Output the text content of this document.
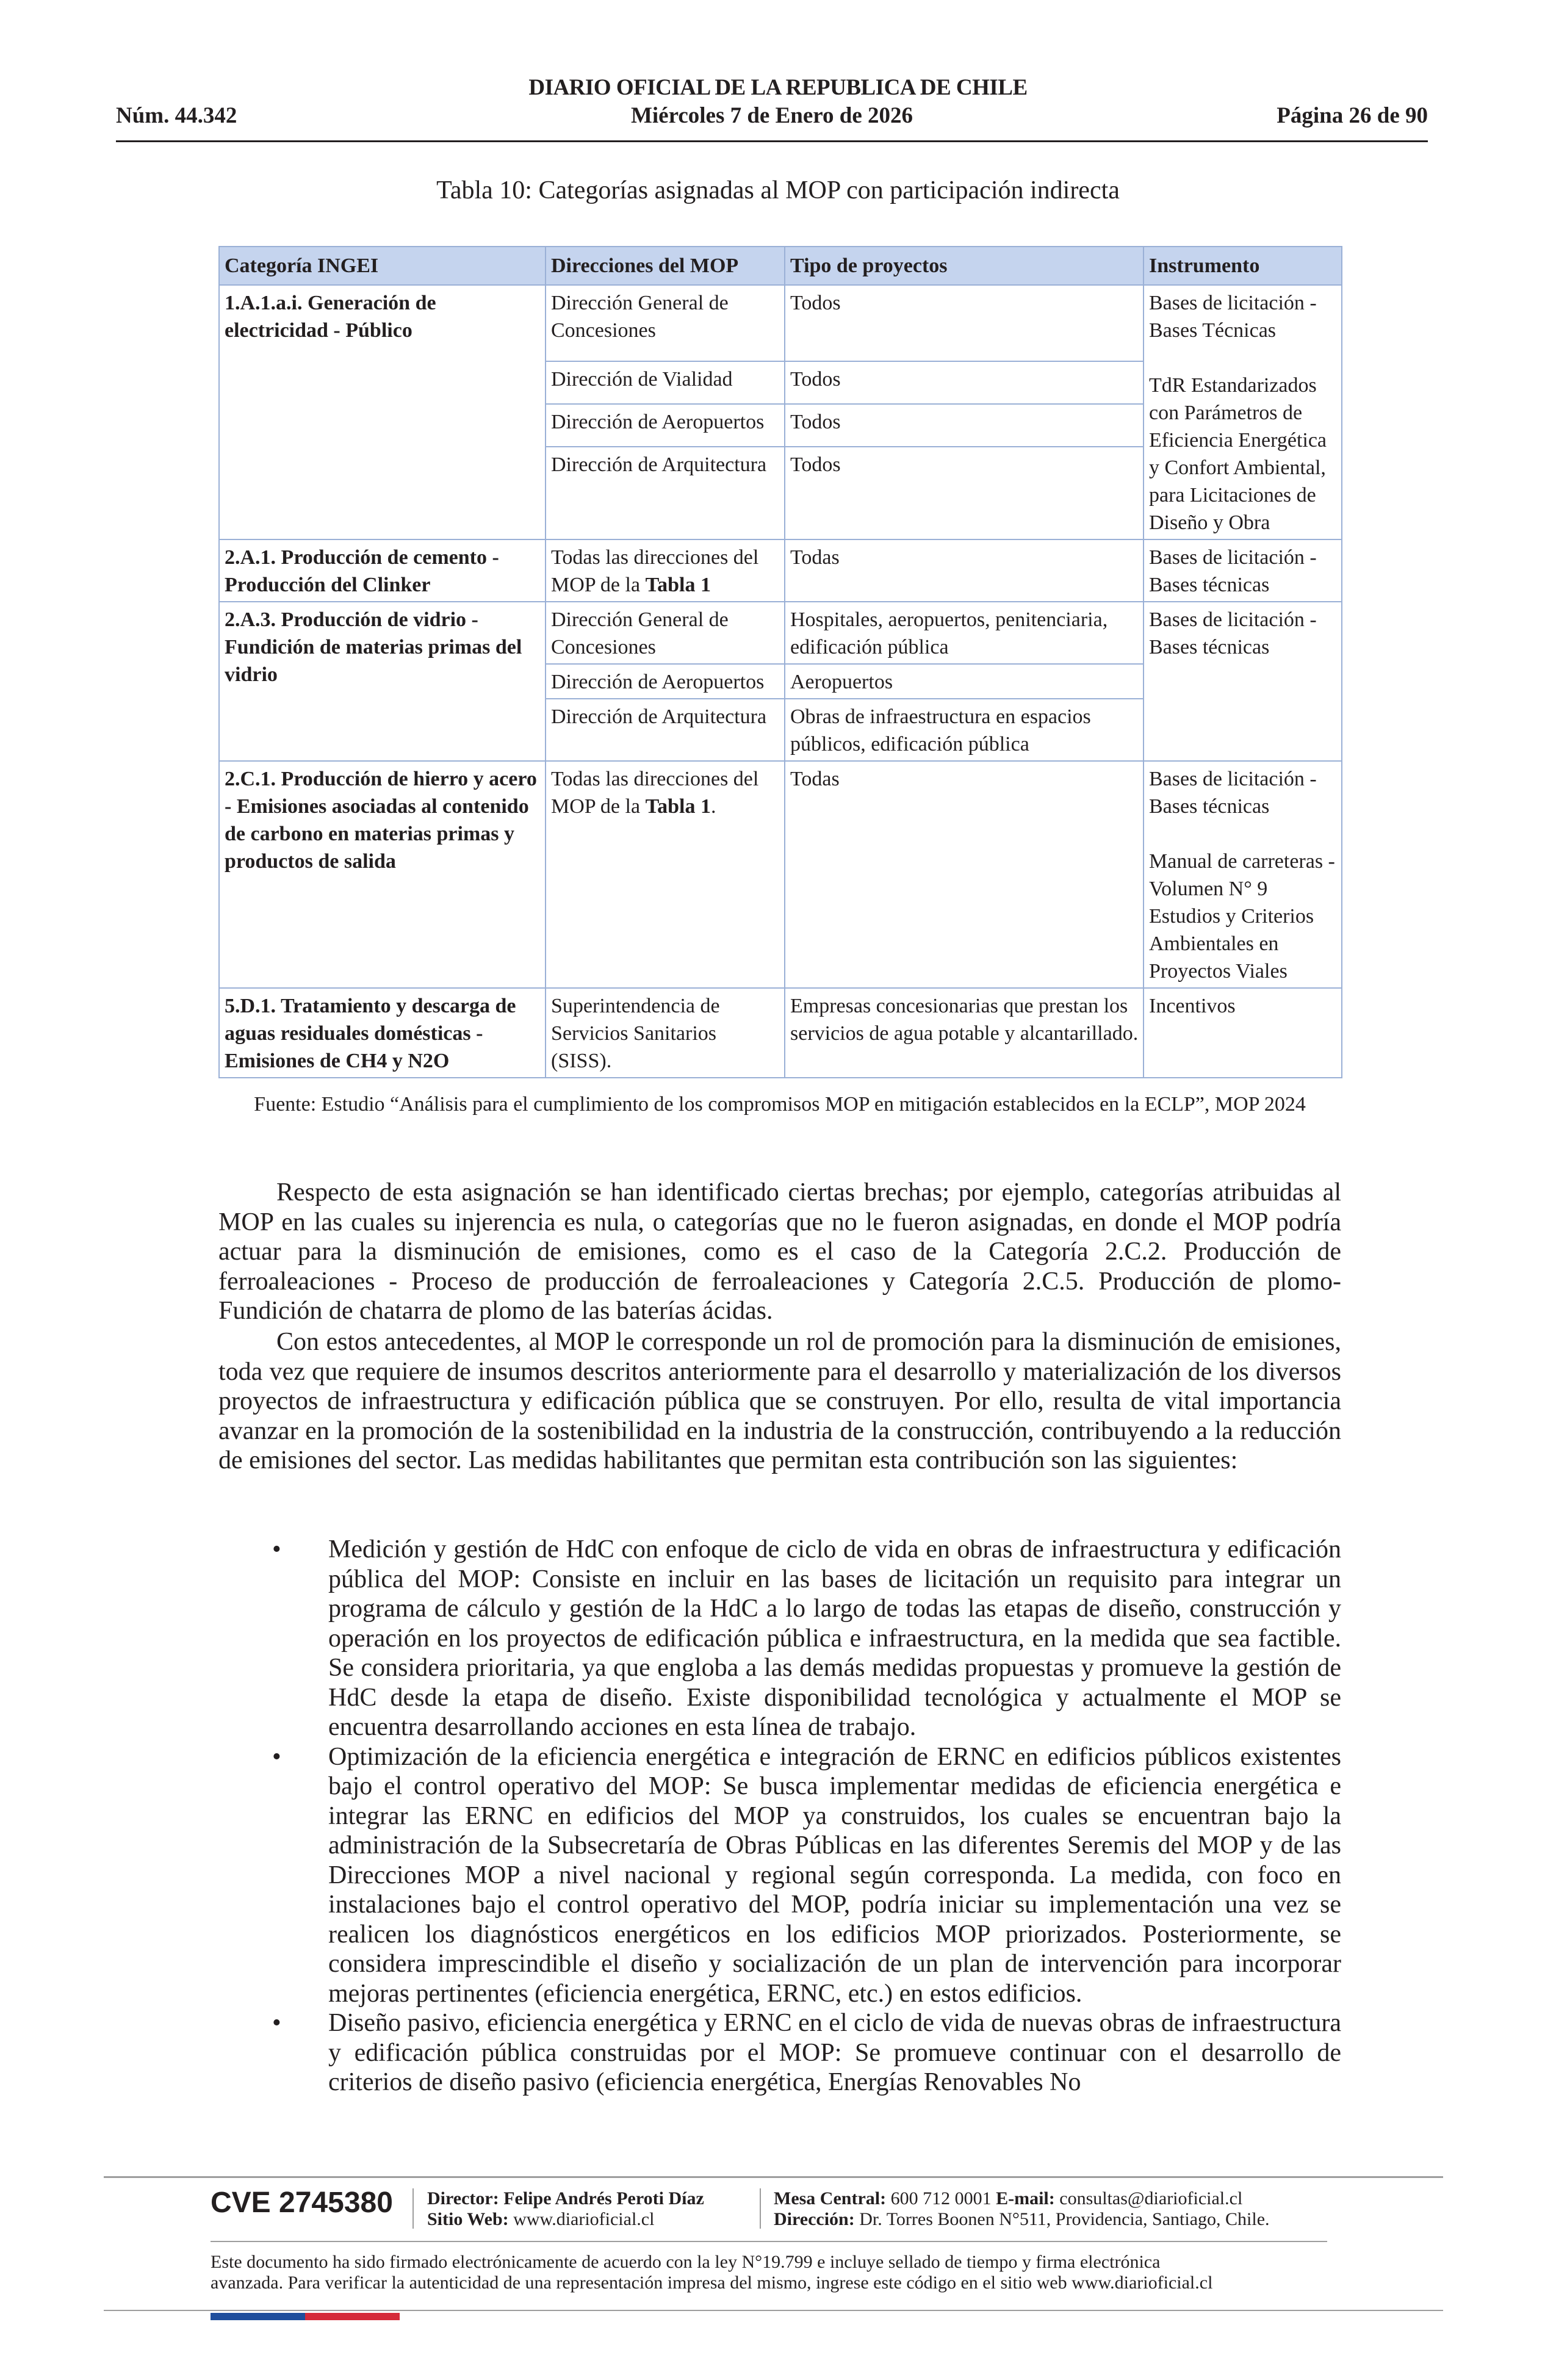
DIARIO OFICIAL DE LA REPUBLICA DE CHILE
Núm. 44.342	Miércoles 7 de Enero de 2026	Página 26 de 90
Tabla 10: Categorías asignadas al MOP con participación indirecta
Categoría INGEI	Direcciones del MOP	Tipo de proyectos	Instrumento
1.A.1.a.i. Generación de electricidad - Público	Dirección General de Concesiones	Todos	Bases de licitación - Bases Técnicas
TdR Estandarizados con Parámetros de Eficiencia Energética y Confort Ambiental, para Licitaciones de Diseño y Obra
	Dirección de Vialidad	Todos	
	Dirección de Aeropuertos	Todos	
	Dirección de Arquitectura	Todos	
2.A.1. Producción de cemento - Producción del Clinker	Todas las direcciones del MOP de la Tabla 1	Todas	Bases de licitación - Bases técnicas
2.A.3. Producción de vidrio - Fundición de materias primas del vidrio	Dirección General de Concesiones	Hospitales, aeropuertos, penitenciaria, edificación pública	Bases de licitación - Bases técnicas
	Dirección de Aeropuertos	Aeropuertos	
	Dirección de Arquitectura	Obras de infraestructura en espacios públicos, edificación pública	
2.C.1. Producción de hierro y acero - Emisiones asociadas al contenido de carbono en materias primas y productos de salida	Todas las direcciones del MOP de la Tabla 1.	Todas	Bases de licitación - Bases técnicas
Manual de carreteras - Volumen N° 9 Estudios y Criterios Ambientales en Proyectos Viales
5.D.1. Tratamiento y descarga de aguas residuales domésticas - Emisiones de CH4 y N2O	Superintendencia de Servicios Sanitarios (SISS).	Empresas concesionarias que prestan los servicios de agua potable y alcantarillado.	Incentivos
Fuente: Estudio “Análisis para el cumplimiento de los compromisos MOP en mitigación establecidos en la ECLP”, MOP 2024
Respecto de esta asignación se han identificado ciertas brechas; por ejemplo, categorías atribuidas al MOP en las cuales su injerencia es nula, o categorías que no le fueron asignadas, en donde el MOP podría actuar para la disminución de emisiones, como es el caso de la Categoría 2.C.2. Producción de ferroaleaciones - Proceso de producción de ferroaleaciones y Categoría 2.C.5. Producción de plomo-Fundición de chatarra de plomo de las baterías ácidas.
Con estos antecedentes, al MOP le corresponde un rol de promoción para la disminución de emisiones, toda vez que requiere de insumos descritos anteriormente para el desarrollo y materialización de los diversos proyectos de infraestructura y edificación pública que se construyen. Por ello, resulta de vital importancia avanzar en la promoción de la sostenibilidad en la industria de la construcción, contribuyendo a la reducción de emisiones del sector. Las medidas habilitantes que permitan esta contribución son las siguientes:
• Medición y gestión de HdC con enfoque de ciclo de vida en obras de infraestructura y edificación pública del MOP: Consiste en incluir en las bases de licitación un requisito para integrar un programa de cálculo y gestión de la HdC a lo largo de todas las etapas de diseño, construcción y operación en los proyectos de edificación pública e infraestructura, en la medida que sea factible. Se considera prioritaria, ya que engloba a las demás medidas propuestas y promueve la gestión de HdC desde la etapa de diseño. Existe disponibilidad tecnológica y actualmente el MOP se encuentra desarrollando acciones en esta línea de trabajo.
• Optimización de la eficiencia energética e integración de ERNC en edificios públicos existentes bajo el control operativo del MOP: Se busca implementar medidas de eficiencia energética e integrar las ERNC en edificios del MOP ya construidos, los cuales se encuentran bajo la administración de la Subsecretaría de Obras Públicas en las diferentes Seremis del MOP y de las Direcciones MOP a nivel nacional y regional según corresponda. La medida, con foco en instalaciones bajo el control operativo del MOP, podría iniciar su implementación una vez se realicen los diagnósticos energéticos en los edificios MOP priorizados. Posteriormente, se considera imprescindible el diseño y socialización de un plan de intervención para incorporar mejoras pertinentes (eficiencia energética, ERNC, etc.) en estos edificios.
• Diseño pasivo, eficiencia energética y ERNC en el ciclo de vida de nuevas obras de infraestructura y edificación pública construidas por el MOP: Se promueve continuar con el desarrollo de criterios de diseño pasivo (eficiencia energética, Energías Renovables No
CVE 2745380 Director: Felipe Andrés Peroti Díaz
Sitio Web: www.diarioficial.cl
Mesa Central: 600 712 0001 E-mail: consultas@diarioficial.cl
Dirección: Dr. Torres Boonen N°511, Providencia, Santiago, Chile.
Este documento ha sido firmado electrónicamente de acuerdo con la ley N°19.799 e incluye sellado de tiempo y firma electrónica
avanzada. Para verificar la autenticidad de una representación impresa del mismo, ingrese este código en el sitio web www.diarioficial.cl
